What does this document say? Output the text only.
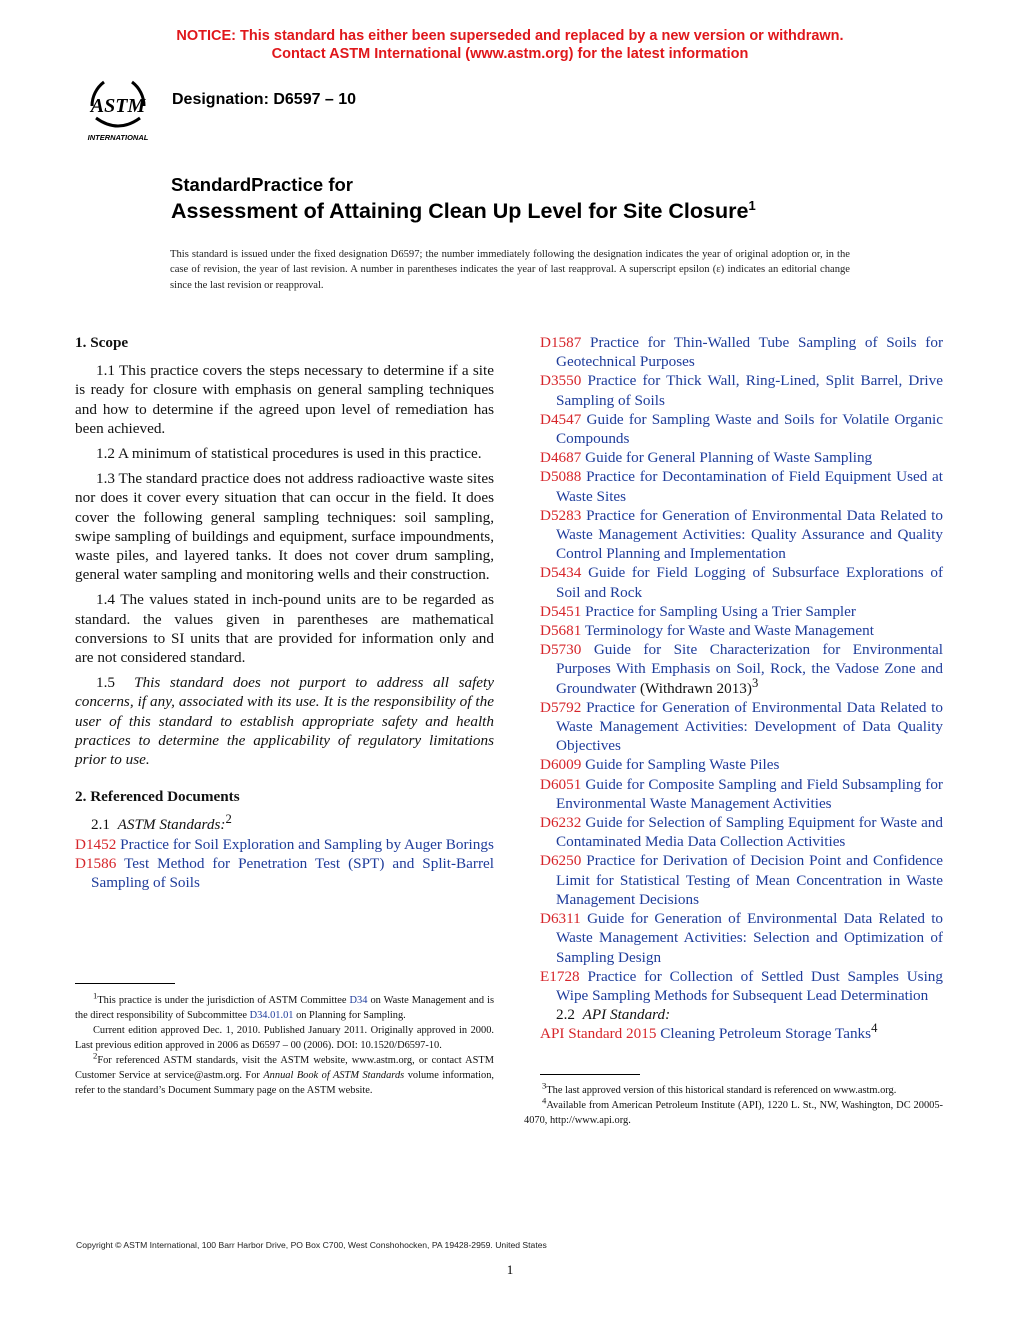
NOTICE: This standard has either been superseded and replaced by a new version or withdrawn.
Contact ASTM International (www.astm.org) for the latest information
ASTM
INTERNATIONAL
Designation: D6597 – 10
StandardPractice for
Assessment of Attaining Clean Up Level for Site Closure$^1$
This standard is issued under the fixed designation D6597; the number immediately following the designation indicates the year of original adoption or, in the case of revision, the year of last revision. A number in parentheses indicates the year of last reapproval. A superscript epsilon (ε) indicates an editorial change since the last revision or reapproval.
1. Scope

1.1 This practice covers the steps necessary to determine if a site is ready for closure with emphasis on general sampling techniques and how to determine if the agreed upon level of remediation has been achieved.

1.2 A minimum of statistical procedures is used in this practice.

1.3 The standard practice does not address radioactive waste sites nor does it cover every situation that can occur in the field. It does cover the following general sampling techniques: soil sampling, swipe sampling of buildings and equipment, surface impoundments, waste piles, and layered tanks. It does not cover drum sampling, general water sampling and monitoring wells and their construction.

1.4 The values stated in inch-pound units are to be regarded as standard. the values given in parentheses are mathematical conversions to SI units that are provided for information only and are not considered standard.

1.5 This standard does not purport to address all safety concerns, if any, associated with its use. It is the responsibility of the user of this standard to establish appropriate safety and health practices to determine the applicability of regulatory limitations prior to use.

2. Referenced Documents
2.1 ASTM Standards:$^2$

D1452 Practice for Soil Exploration and Sampling by Auger Borings

D1586 Test Method for Penetration Test (SPT) and Split-Barrel Sampling of Soils

D1587 Practice for Thin-Walled Tube Sampling of Soils for Geotechnical Purposes

D3550 Practice for Thick Wall, Ring-Lined, Split Barrel, Drive Sampling of Soils

D4547 Guide for Sampling Waste and Soils for Volatile Organic Compounds

D4687 Guide for General Planning of Waste Sampling

D5088 Practice for Decontamination of Field Equipment Used at Waste Sites

D5283 Practice for Generation of Environmental Data Related to Waste Management Activities: Quality Assurance and Quality Control Planning and Implementation

D5434 Guide for Field Logging of Subsurface Explorations of Soil and Rock

D5451 Practice for Sampling Using a Trier Sampler

D5681 Terminology for Waste and Waste Management

D5730 Guide for Site Characterization for Environmental Purposes With Emphasis on Soil, Rock, the Vadose Zone and Groundwater (Withdrawn 2013)$^3$

D5792 Practice for Generation of Environmental Data Related to Waste Management Activities: Development of Data Quality Objectives

D6009 Guide for Sampling Waste Piles

D6051 Guide for Composite Sampling and Field Subsampling for Environmental Waste Management Activities

D6232 Guide for Selection of Sampling Equipment for Waste and Contaminated Media Data Collection Activities

D6250 Practice for Derivation of Decision Point and Confidence Limit for Statistical Testing of Mean Concentration in Waste Management Decisions

D6311 Guide for Generation of Environmental Data Related to Waste Management Activities: Selection and Optimization of Sampling Design

E1728 Practice for Collection of Settled Dust Samples Using Wipe Sampling Methods for Subsequent Lead Determination

2.2 API Standard:

API Standard 2015 Cleaning Petroleum Storage Tanks$^4$

$^1$This practice is under the jurisdiction of ASTM Committee D34 on Waste Management and is the direct responsibility of Subcommittee D34.01.01 on Planning for Sampling.

Current edition approved Dec. 1, 2010. Published January 2011. Originally approved in 2000. Last previous edition approved in 2006 as D6597 – 00 (2006). DOI: 10.1520/D6597-10.

$^2$For referenced ASTM standards, visit the ASTM website, www.astm.org, or contact ASTM Customer Service at service@astm.org. For Annual Book of ASTM Standards volume information, refer to the standard’s Document Summary page on the ASTM website.	$^3$The last approved version of this historical standard is referenced on www.astm.org.

$^4$Available from American Petroleum Institute (API), 1220 L. St., NW, Washington, DC 20005-4070, http://www.api.org.

Copyright © ASTM International, 100 Barr Harbor Drive, PO Box C700, West Conshohocken, PA 19428-2959. United States
1
